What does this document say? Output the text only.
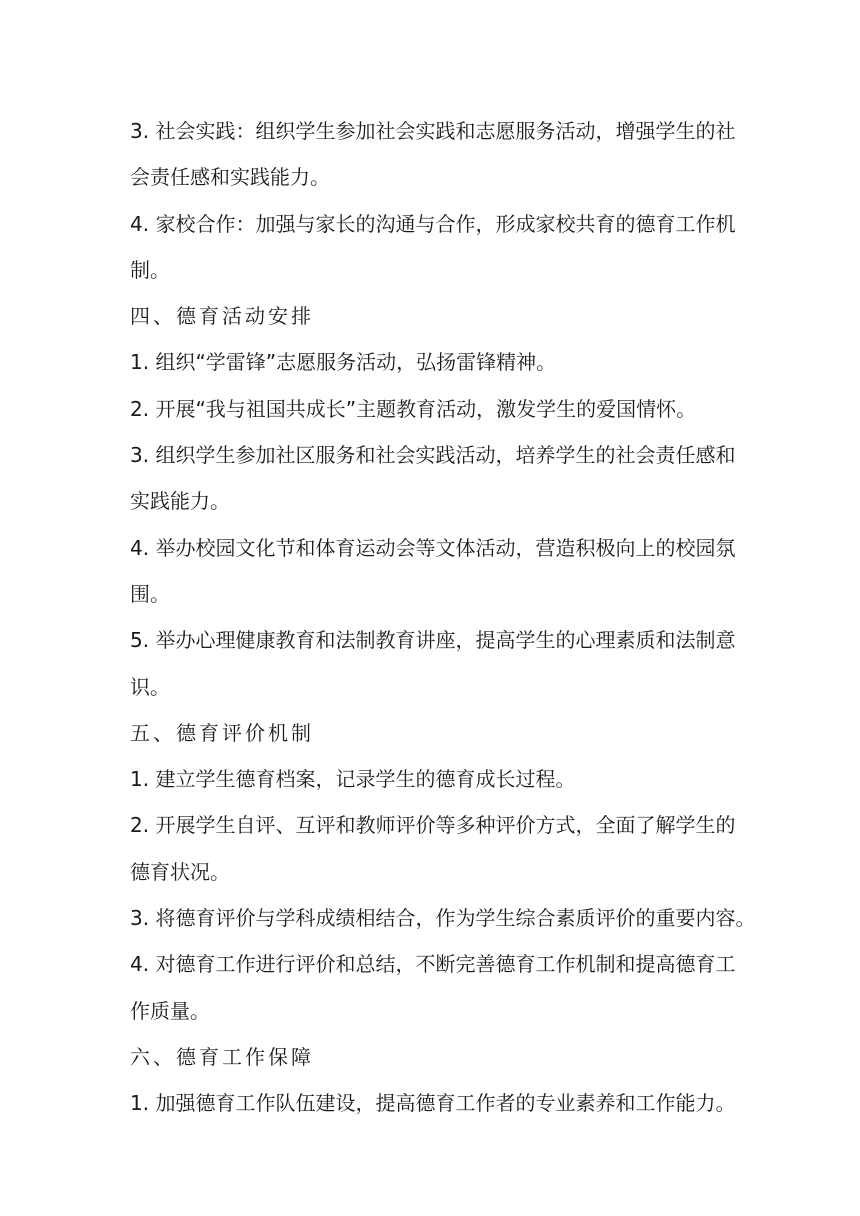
3. 社会实践：组织学生参加社会实践和志愿服务活动，增强学生的社
会责任感和实践能力。
4. 家校合作：加强与家长的沟通与合作，形成家校共育的德育工作机
制。
四、德育活动安排
1. 组织“学雷锋”志愿服务活动，弘扬雷锋精神。
2. 开展“我与祖国共成长”主题教育活动，激发学生的爱国情怀。
3. 组织学生参加社区服务和社会实践活动，培养学生的社会责任感和
实践能力。
4. 举办校园文化节和体育运动会等文体活动，营造积极向上的校园氛
围。
5. 举办心理健康教育和法制教育讲座，提高学生的心理素质和法制意
识。
五、德育评价机制
1. 建立学生德育档案，记录学生的德育成长过程。
2. 开展学生自评、互评和教师评价等多种评价方式，全面了解学生的
德育状况。
3. 将德育评价与学科成绩相结合，作为学生综合素质评价的重要内容。
4. 对德育工作进行评价和总结，不断完善德育工作机制和提高德育工
作质量。
六、德育工作保障
1. 加强德育工作队伍建设，提高德育工作者的专业素养和工作能力。
